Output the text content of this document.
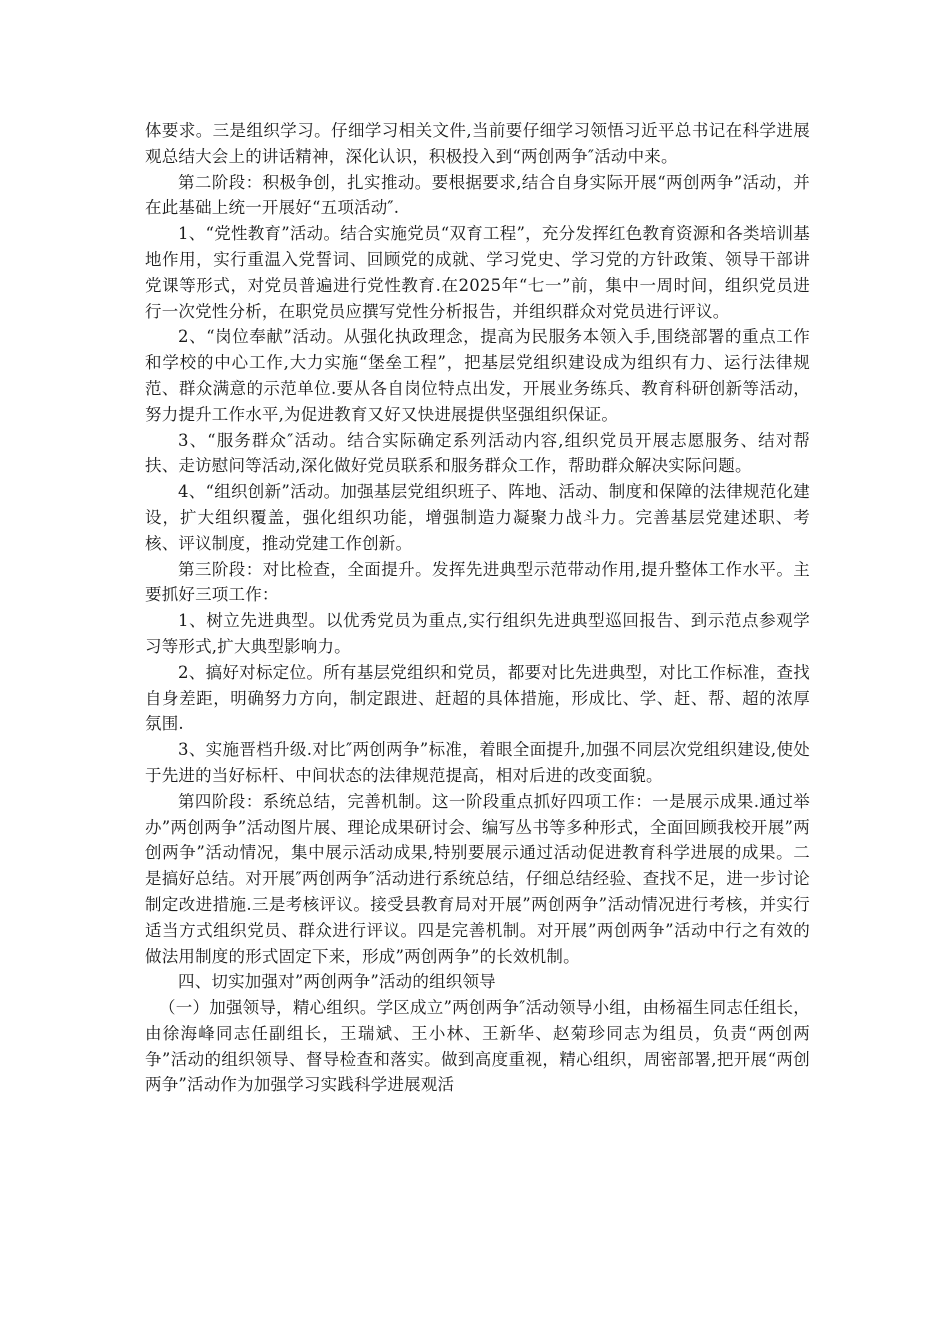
体要求。三是组织学习。仔细学习相关文件,当前要仔细学习领悟习近平总书记在科学进展观总结大会上的讲话精神，深化认识，积极投入到“两创两争″活动中来。

第二阶段：积极争创，扎实推动。要根据要求,结合自身实际开展“两创两争”活动，并在此基础上统一开展好“五项活动″.

1、“党性教育”活动。结合实施党员“双育工程”，充分发挥红色教育资源和各类培训基地作用，实行重温入党誓词、回顾党的成就、学习党史、学习党的方针政策、领导干部讲党课等形式，对党员普遍进行党性教育.在2025年“七一”前，集中一周时间，组织党员进行一次党性分析，在职党员应撰写党性分析报告，并组织群众对党员进行评议。

2、“岗位奉献”活动。从强化执政理念，提高为民服务本领入手,围绕部署的重点工作和学校的中心工作,大力实施“堡垒工程”，把基层党组织建设成为组织有力、运行法律规范、群众满意的示范单位.要从各自岗位特点出发，开展业务练兵、教育科研创新等活动，努力提升工作水平,为促进教育又好又快进展提供坚强组织保证。

3、“服务群众″活动。结合实际确定系列活动内容,组织党员开展志愿服务、结对帮扶、走访慰问等活动,深化做好党员联系和服务群众工作，帮助群众解决实际问题。

4、“组织创新”活动。加强基层党组织班子、阵地、活动、制度和保障的法律规范化建设，扩大组织覆盖，强化组织功能，增强制造力凝聚力战斗力。完善基层党建述职、考核、评议制度，推动党建工作创新。

第三阶段：对比检查，全面提升。发挥先进典型示范带动作用,提升整体工作水平。主要抓好三项工作：

1、树立先进典型。以优秀党员为重点,实行组织先进典型巡回报告、到示范点参观学习等形式,扩大典型影响力。

2、搞好对标定位。所有基层党组织和党员，都要对比先进典型，对比工作标准，查找自身差距，明确努力方向，制定跟进、赶超的具体措施，形成比、学、赶、帮、超的浓厚氛围.

3、实施晋档升级.对比″两创两争”标准，着眼全面提升,加强不同层次党组织建设,使处于先进的当好标杆、中间状态的法律规范提高，相对后进的改变面貌。

第四阶段：系统总结，完善机制。这一阶段重点抓好四项工作：一是展示成果.通过举办”两创两争”活动图片展、理论成果研讨会、编写丛书等多种形式，全面回顾我校开展”两创两争”活动情况，集中展示活动成果,特别要展示通过活动促进教育科学进展的成果。二是搞好总结。对开展″两创两争″活动进行系统总结，仔细总结经验、查找不足，进一步讨论制定改进措施.三是考核评议。接受县教育局对开展”两创两争”活动情况进行考核，并实行适当方式组织党员、群众进行评议。四是完善机制。对开展”两创两争”活动中行之有效的做法用制度的形式固定下来，形成”两创两争”的长效机制。

四、切实加强对”两创两争”活动的组织领导

（一）加强领导，精心组织。学区成立”两创两争″活动领导小组，由杨福生同志任组长，由徐海峰同志任副组长，王瑞斌、王小林、王新华、赵菊珍同志为组员，负责“两创两争”活动的组织领导、督导检查和落实。做到高度重视，精心组织，周密部署,把开展“两创两争”活动作为加强学习实践科学进展观活
